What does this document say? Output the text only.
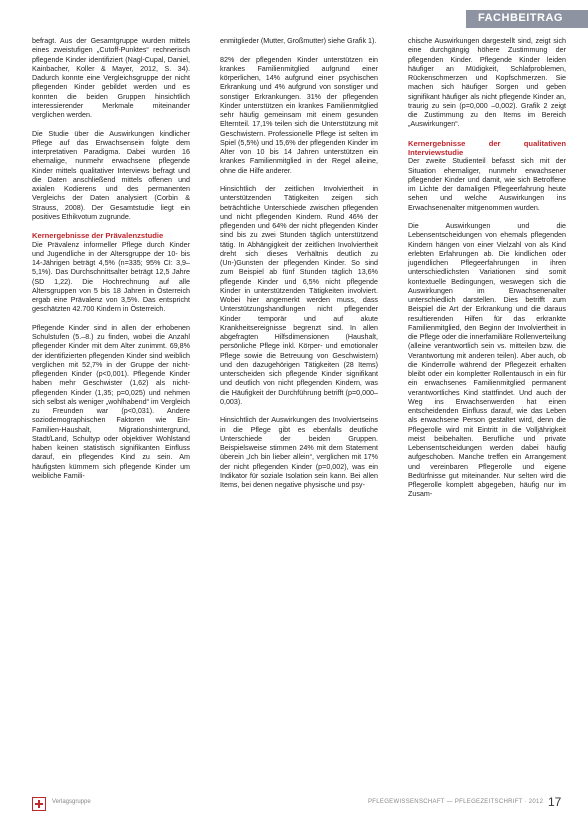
FACHBEITRAG

befragt. Aus der Gesamtgruppe wurden mittels eines zweistufigen „Cutoff-Punktes“ rechnerisch pflegende Kinder identifiziert (Nagl-Cupal, Daniel, Kainbacher, Koller & Mayer, 2012, S. 34). Dadurch konnte eine Vergleichsgruppe der nicht pflegenden Kinder gebildet werden und es konnten die beiden Gruppen hinsichtlich interessierender Merkmale miteinander verglichen werden.

Die Studie über die Auswirkungen kindlicher Pflege auf das Erwachsensein folgte dem interpretativen Paradigma. Dabei wurden 16 ehemalige, nunmehr erwachsene pflegende Kinder mittels qualitativer Interviews befragt und die Daten anschließend mittels offenen und axialen Kodierens und des permanenten Vergleichs der Daten analysiert (Corbin & Strauss, 2008). Der Gesamtstudie liegt ein positives Ethikvotum zugrunde.

Kernergebnisse der Prävalenzstudie

Die Prävalenz informeller Pflege durch Kinder und Jugendliche in der Altersgruppe der 10- bis 14-Jährigen beträgt 4,5% (n=335; 95% CI: 3,9–5,1%). Das Durchschnittsalter beträgt 12,5 Jahre (SD 1,22). Die Hochrechnung auf alle Altersgruppen von 5 bis 18 Jahren in Österreich ergab eine Prävalenz von 3,5%. Das entspricht geschätzten 42.700 Kindern in Österreich.

Pflegende Kinder sind in allen der erhobenen Schulstufen (5.–8.) zu finden, wobei die Anzahl pflegender Kinder mit dem Alter zunimmt. 69,8% der identifizierten pflegenden Kinder sind weiblich verglichen mit 52,7% in der Gruppe der nicht-pflegenden Kinder (p<0,001). Pflegende Kinder haben mehr Geschwister (1,62) als nicht-pflegenden Kinder (1,35; p=0,025) und nehmen sich selbst als weniger „wohlhabend“ im Vergleich zu Freunden war (p<0,031). Andere soziodemographischen Faktoren wie Ein-Familien-Haushalt, Migrationshintergrund, Stadt/Land, Schultyp oder objektiver Wohlstand haben keinen statistisch signifikanten Einfluss darauf, ein pflegendes Kind zu sein. Am häufigsten kümmern sich pflegende Kinder um weibliche Famili-

enmitglieder (Mutter, Großmutter) siehe Grafik 1).

82% der pflegenden Kinder unterstützen ein krankes Familienmitglied aufgrund einer körperlichen, 14% aufgrund einer psychischen Erkrankung und 4% aufgrund von sonstiger und sonstiger Erkrankungen. 31% der pflegenden Kinder unterstützen ein krankes Familienmitglied sehr häufig gemeinsam mit einem gesunden Elternteil. 17,1% teilen sich die Unterstützung mit Geschwistern. Professionelle Pflege ist selten im Spiel (5,5%) und 15,6% der pflegenden Kinder im Alter von 10 bis 14 Jahren unterstützen ein krankes Familienmitglied in der Regel alleine, ohne die Hilfe anderer.

Hinsichtlich der zeitlichen Involviertheit in unterstützenden Tätigkeiten zeigen sich beträchtliche Unterschiede zwischen pflegenden und nicht pflegenden Kindern. Rund 46% der pflegenden und 64% der nicht pflegenden Kinder sind bis zu zwei Stunden täglich unterstützend tätig. In Abhängigkeit der zeitlichen Involviertheit dreht sich dieses Verhältnis deutlich zu (Un-)Gunsten der pflegenden Kinder. So sind zum Beispiel ab fünf Stunden täglich 13,6% pflegende Kinder und 6,5% nicht pflegende Kinder in unterstützenden Tätigkeiten involviert. Wobei hier angemerkt werden muss, dass Unterstützungshandlungen nicht pflegender Kinder temporär und auf akute Krankheitsereignisse begrenzt sind. In allen abgefragten Hilfsdimensionen (Haushalt, persönliche Pflege inkl. Körper- und emotionaler Pflege sowie die Betreuung von Geschwistern) und den dazugehörigen Tätigkeiten (28 Items) unterscheiden sich pflegende Kinder signifikant und deutlich von nicht pflegenden Kindern, was die Häufigkeit der Durchführung betrifft (p=0,000–0,003).

Hinsichtlich der Auswirkungen des Involviertseins in die Pflege gibt es ebenfalls deutliche Unterschiede der beiden Gruppen. Beispielsweise stimmen 24% mit dem Statement überein „Ich bin lieber allein“, verglichen mit 17% der nicht pflegenden Kinder (p=0,002), was ein Indikator für soziale Isolation sein kann. Bei allen Items, bei denen negative physische und psy-

chische Auswirkungen dargestellt sind, zeigt sich eine durchgängig höhere Zustimmung der pflegenden Kinder. Pflegende Kinder leiden häufiger an Müdigkeit, Schlafproblemen, Rückenschmerzen und Kopfschmerzen. Sie machen sich häufiger Sorgen und geben signifikant häufiger als nicht pflegende Kinder an, traurig zu sein (p=0,000 –0,002). Grafik 2 zeigt die Zustimmung zu den Items im Bereich „Auswirkungen“.

Kernergebnisse der qualitativen Interviewstudie

Der zweite Studienteil befasst sich mit der Situation ehemaliger, nunmehr erwachsener pflegender Kinder und damit, wie sich Betroffene im Lichte der damaligen Pflegeerfahrung heute sehen und welche Auswirkungen ins Erwachsenenalter mitgenommen wurden.

Die Auswirkungen und die Lebensentscheidungen von ehemals pflegenden Kindern hängen von einer Vielzahl von als Kind erlebten Erfahrungen ab. Die kindlichen oder jugendlichen Pflegeerfahrungen in ihren unterschiedlichsten Variationen sind somit kontextuelle Bedingungen, weswegen sich die Auswirkungen im Erwachsenenalter unterschiedlich darstellen. Dies betrifft zum Beispiel die Art der Erkrankung und die daraus resultierenden Hilfen für das erkrankte Familienmitglied, den Beginn der Involviertheit in die Pflege oder die innerfamiliäre Rollenverteilung (alleine verantwortlich sein vs. mitteilen bzw. die Verantwortung mit anderen teilen). Aber auch, ob die Kinderrolle während der Pflegezeit erhalten bleibt oder ein kompletter Rollentausch in ein für ein erwachsenes Familienmitglied permanent verantwortliches Kind stattfindet. Und auch der Weg ins Erwachsenwerden hat einen entscheidenden Einfluss darauf, wie das Leben als erwachsene Person gestaltet wird, denn die Pflegerolle wird mit Eintritt in die Volljährigkeit meist beibehalten. Berufliche und private Lebensentscheidungen werden dabei häufig aufgeschoben. Manche treffen ein Arrangement und vereinbaren Pflegerolle und eigene Bedürfnisse gut miteinander. Nur selten wird die Pflegerolle komplett abgegeben, häufig nur im Zusam-

Verlagsgruppe	PFLEGEWISSENSCHAFT — PFLEGEZEITSCHRIFT · 2012 17
